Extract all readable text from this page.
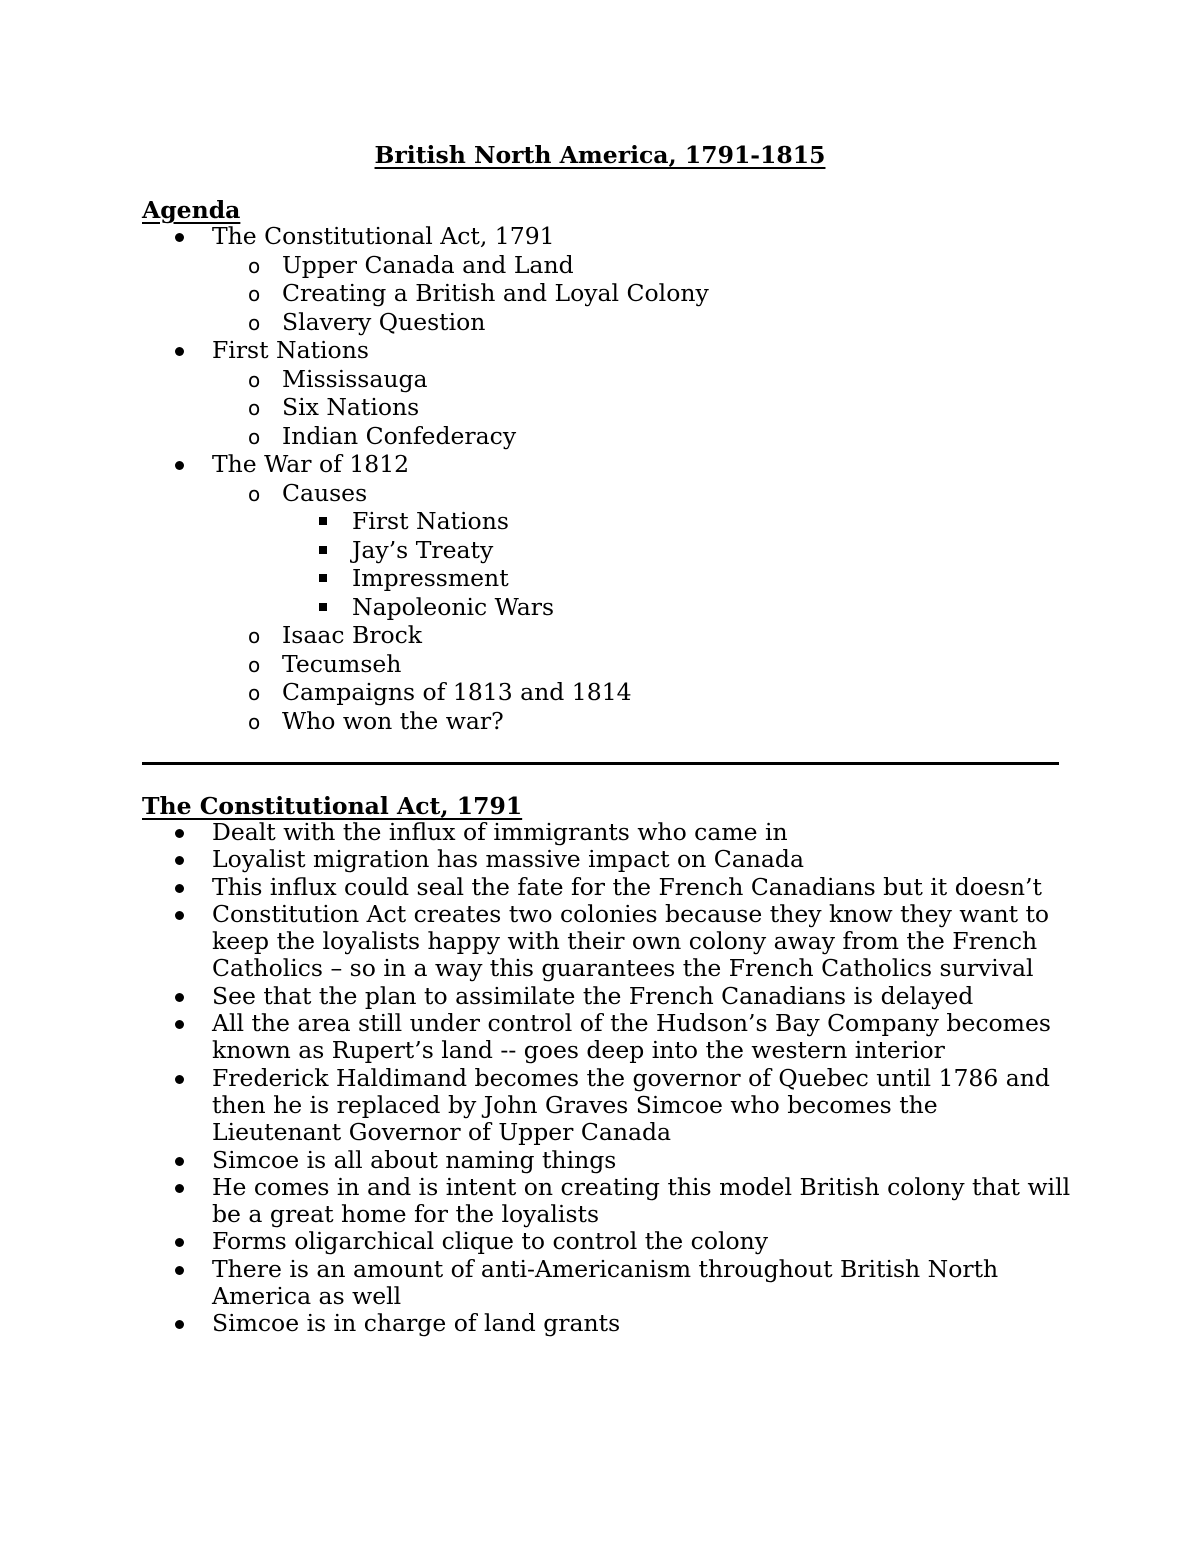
British North America, 1791-1815
Agenda
The Constitutional Act, 1791
o Upper Canada and Land
o Creating a British and Loyal Colony
o Slavery Question
First Nations
o Mississauga
o Six Nations
o Indian Confederacy
The War of 1812
o Causes
First Nations
Jay’s Treaty
Impressment
Napoleonic Wars
o Isaac Brock
o Tecumseh
o Campaigns of 1813 and 1814
o Who won the war?
The Constitutional Act, 1791
Dealt with the influx of immigrants who came in
Loyalist migration has massive impact on Canada
This influx could seal the fate for the French Canadians but it doesn’t
Constitution Act creates two colonies because they know they want to keep the loyalists happy with their own colony away from the French Catholics – so in a way this guarantees the French Catholics survival
See that the plan to assimilate the French Canadians is delayed
All the area still under control of the Hudson’s Bay Company becomes known as Rupert’s land -- goes deep into the western interior
Frederick Haldimand becomes the governor of Quebec until 1786 and then he is replaced by John Graves Simcoe who becomes the Lieutenant Governor of Upper Canada
Simcoe is all about naming things
He comes in and is intent on creating this model British colony that will be a great home for the loyalists
Forms oligarchical clique to control the colony
There is an amount of anti-Americanism throughout British North America as well
Simcoe is in charge of land grants
